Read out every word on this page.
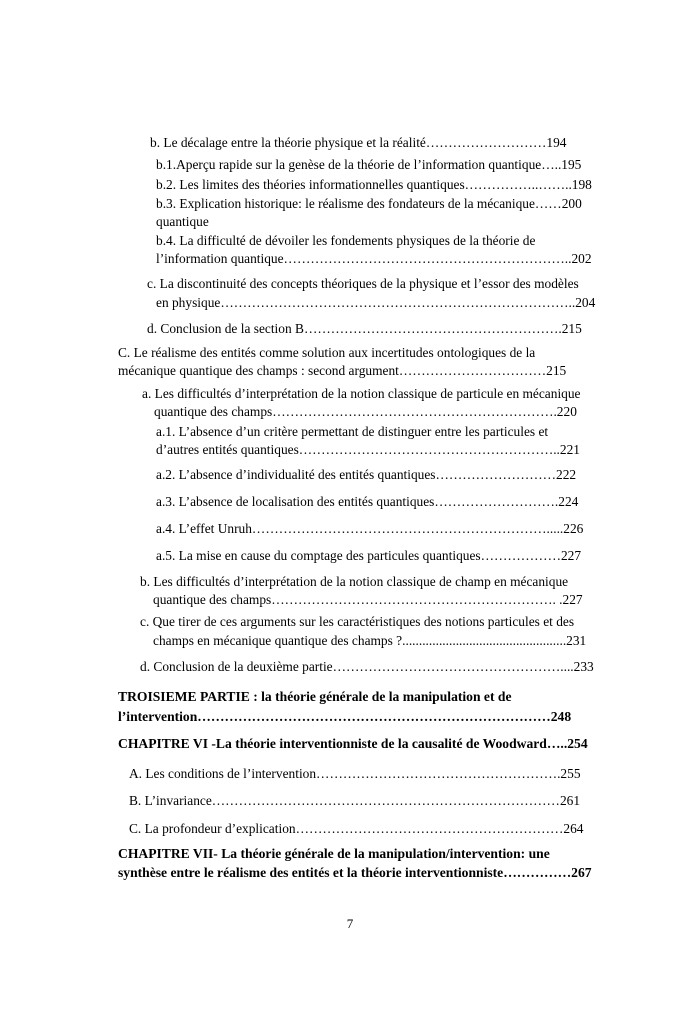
b. Le décalage entre la théorie physique et la réalité………………………194
b.1.Aperçu rapide sur la genèse de la théorie de l’information quantique…..195
b.2. Les limites des théories informationnelles quantiques……………..……..198
b.3. Explication historique: le réalisme des fondateurs de la mécanique……200
quantique
b.4. La difficulté de dévoiler les fondements physiques de la théorie de
l’information quantique………………………………………………………..202
c. La discontinuité des concepts théoriques de la physique et l’essor des modèles
en physique……………………………………………………………………..204
d. Conclusion de la section B………………………………………………….215
C. Le réalisme des entités comme solution aux incertitudes ontologiques de la
mécanique quantique des champs : second argument……………………………215
a. Les difficultés d’interprétation de la notion classique de particule en mécanique
quantique des champs……………………………………………………….220
a.1. L’absence d’un critère permettant de distinguer entre les particules et
d’autres entités quantiques…………………………………………………..221
a.2. L’absence d’individualité des entités quantiques………………………222
a.3. L’absence de localisation des entités quantiques……………………….224
a.4. L’effet Unruh………………………………………………………….....226
a.5. La mise en cause du comptage des particules quantiques………………227
b. Les difficultés d’interprétation de la notion classique de champ en mécanique
quantique des champs………………………………………………………. .227
c. Que tirer de ces arguments sur les caractéristiques des notions particules et des
champs en mécanique quantique des champs ?.................................................231
d. Conclusion de la deuxième partie……………………………………………....233
TROISIEME PARTIE : la théorie générale de la manipulation et de
l’intervention……………………………………………………………………248
CHAPITRE VI -La théorie interventionniste de la causalité de Woodward…..254
A. Les conditions de l’intervention……………………………………………….255
B. L’invariance……………………………………………………………………261
C. La profondeur d’explication……………………………………………………264
CHAPITRE VII- La théorie générale de la manipulation/intervention: une
synthèse entre le réalisme des entités et la théorie interventionniste……………267
7
